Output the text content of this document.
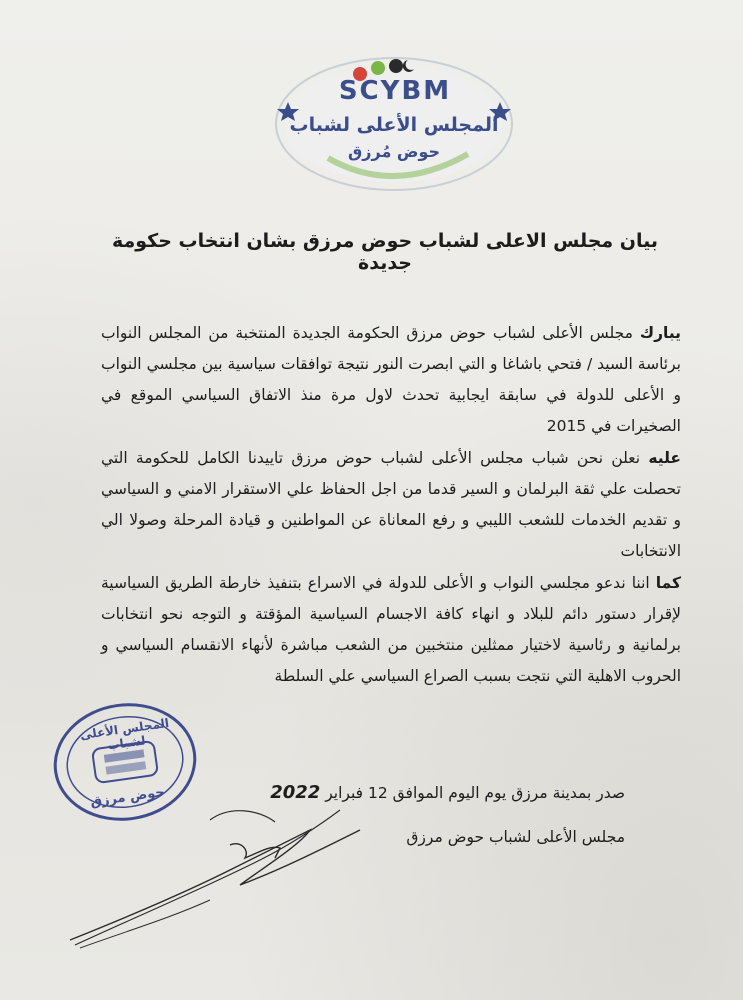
SCYBM
المجلس الأعلى لشباب
حوض مُرزق
بيان مجلس الاعلى لشباب حوض مرزق بشان انتخاب حكومة جديدة
يبارك مجلس الأعلى لشباب حوض مرزق الحكومة الجديدة المنتخبة من المجلس النواب برئاسة السيد / فتحي باشاغا و التي ابصرت النور نتيجة توافقات سياسية بين مجلسي النواب و الأعلى للدولة في سابقة ايجابية تحدث لاول مرة منذ الاتفاق السياسي الموقع في الصخيرات في 2015
عليه نعلن نحن شباب مجلس الأعلى لشباب حوض مرزق تاييدنا الكامل للحكومة التي تحصلت علي ثقة البرلمان و السير قدما من اجل الحفاظ علي الاستقرار الامني و السياسي و تقديم الخدمات للشعب الليبي و رفع المعاناة عن المواطنين و قيادة المرحلة وصولا الي الانتخابات
كما اننا ندعو مجلسي النواب و الأعلى للدولة في الاسراع بتنفيذ خارطة الطريق السياسية لإقرار دستور دائم للبلاد و انهاء كافة الاجسام السياسية المؤقتة و التوجه نحو انتخابات برلمانية و رئاسية لاختيار ممثلين منتخبين من الشعب مباشرة لأنهاء الانقسام السياسي و الحروب الاهلية التي نتجت بسبب الصراع السياسي علي السلطة
صدر بمدينة مرزق يوم اليوم الموافق 12 فبراير 2022
مجلس الأعلى لشباب حوض مرزق
المجلس الأعلى لشباب
حوض مرزق
